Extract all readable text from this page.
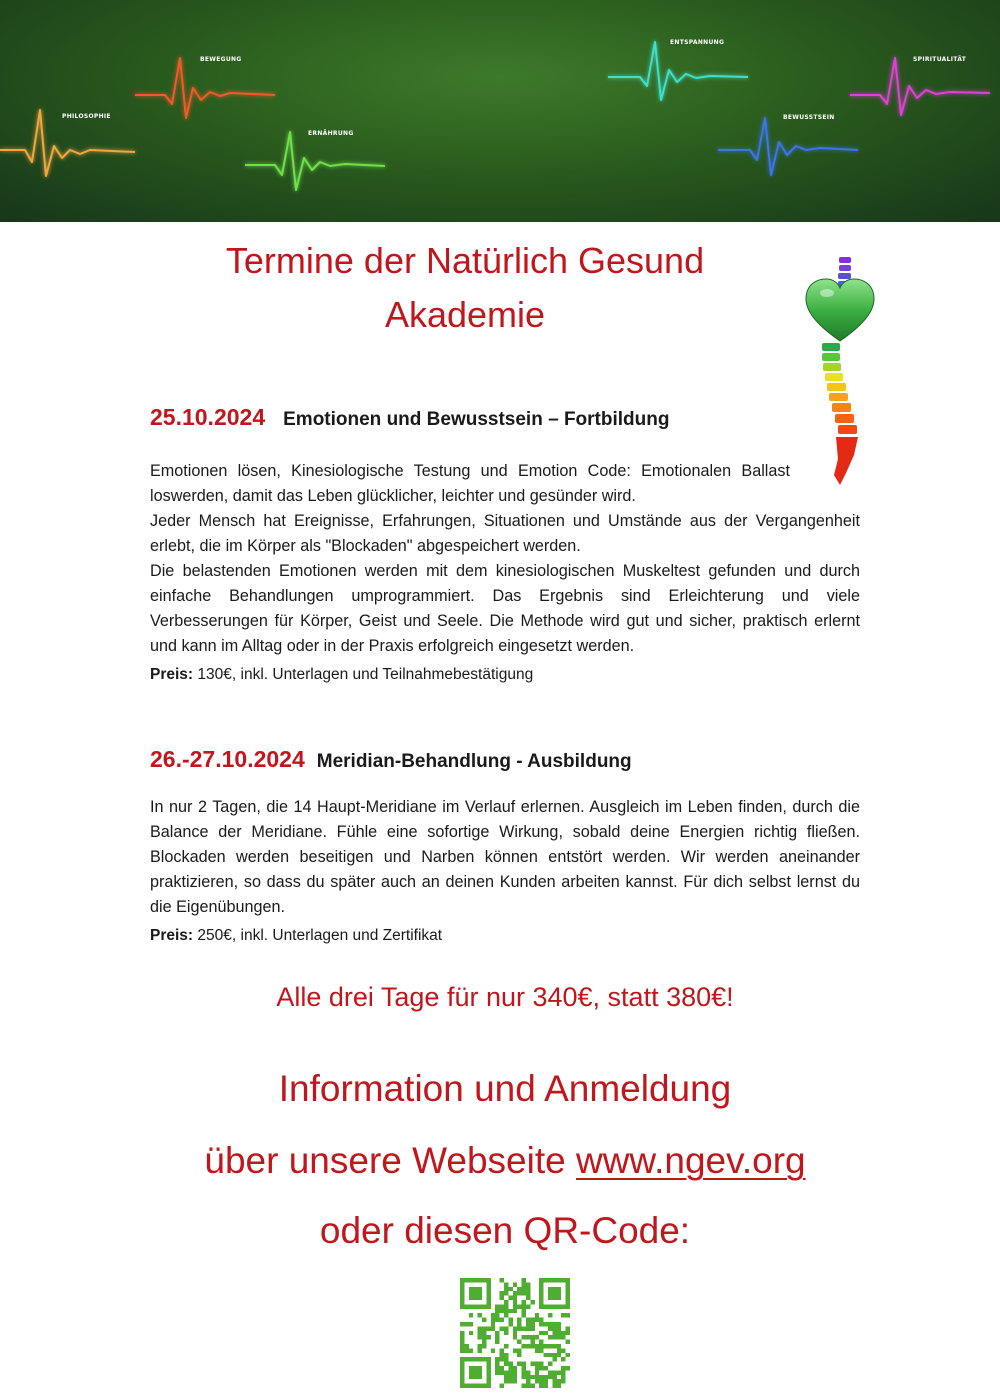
PHILOSOPHIE
BEWEGUNG
ERNÄHRUNG
ENTSPANNUNG
BEWUSSTSEIN
SPIRITUALITÄT
Termine der Natürlich Gesund
Akademie
25.10.2024 Emotionen und Bewusstsein – Fortbildung

Emotionen lösen, Kinesiologische Testung und Emotion Code: Emotionalen Ballast loswerden, damit das Leben glücklicher, leichter und gesünder wird.

Jeder Mensch hat Ereignisse, Erfahrungen, Situationen und Umstände aus der Vergangenheit erlebt, die im Körper als "Blockaden" abgespeichert werden.

Die belastenden Emotionen werden mit dem kinesiologischen Muskeltest gefunden und durch einfache Behandlungen umprogrammiert. Das Ergebnis sind Erleichterung und viele Verbesserungen für Körper, Geist und Seele. Die Methode wird gut und sicher, praktisch erlernt und kann im Alltag oder in der Praxis erfolgreich eingesetzt werden.

Preis: 130€, inkl. Unterlagen und Teilnahmebestätigung

26.-27.10.2024 Meridian-Behandlung - Ausbildung

In nur 2 Tagen, die 14 Haupt-Meridiane im Verlauf erlernen. Ausgleich im Leben finden, durch die Balance der Meridiane. Fühle eine sofortige Wirkung, sobald deine Energien richtig fließen. Blockaden werden beseitigen und Narben können entstört werden. Wir werden aneinander praktizieren, so dass du später auch an deinen Kunden arbeiten kannst. Für dich selbst lernst du die Eigenübungen.

Preis: 250€, inkl. Unterlagen und Zertifikat

Alle drei Tage für nur 340€, statt 380€!
Information und Anmeldung
über unsere Webseite www.ngev.org
oder diesen QR-Code:
